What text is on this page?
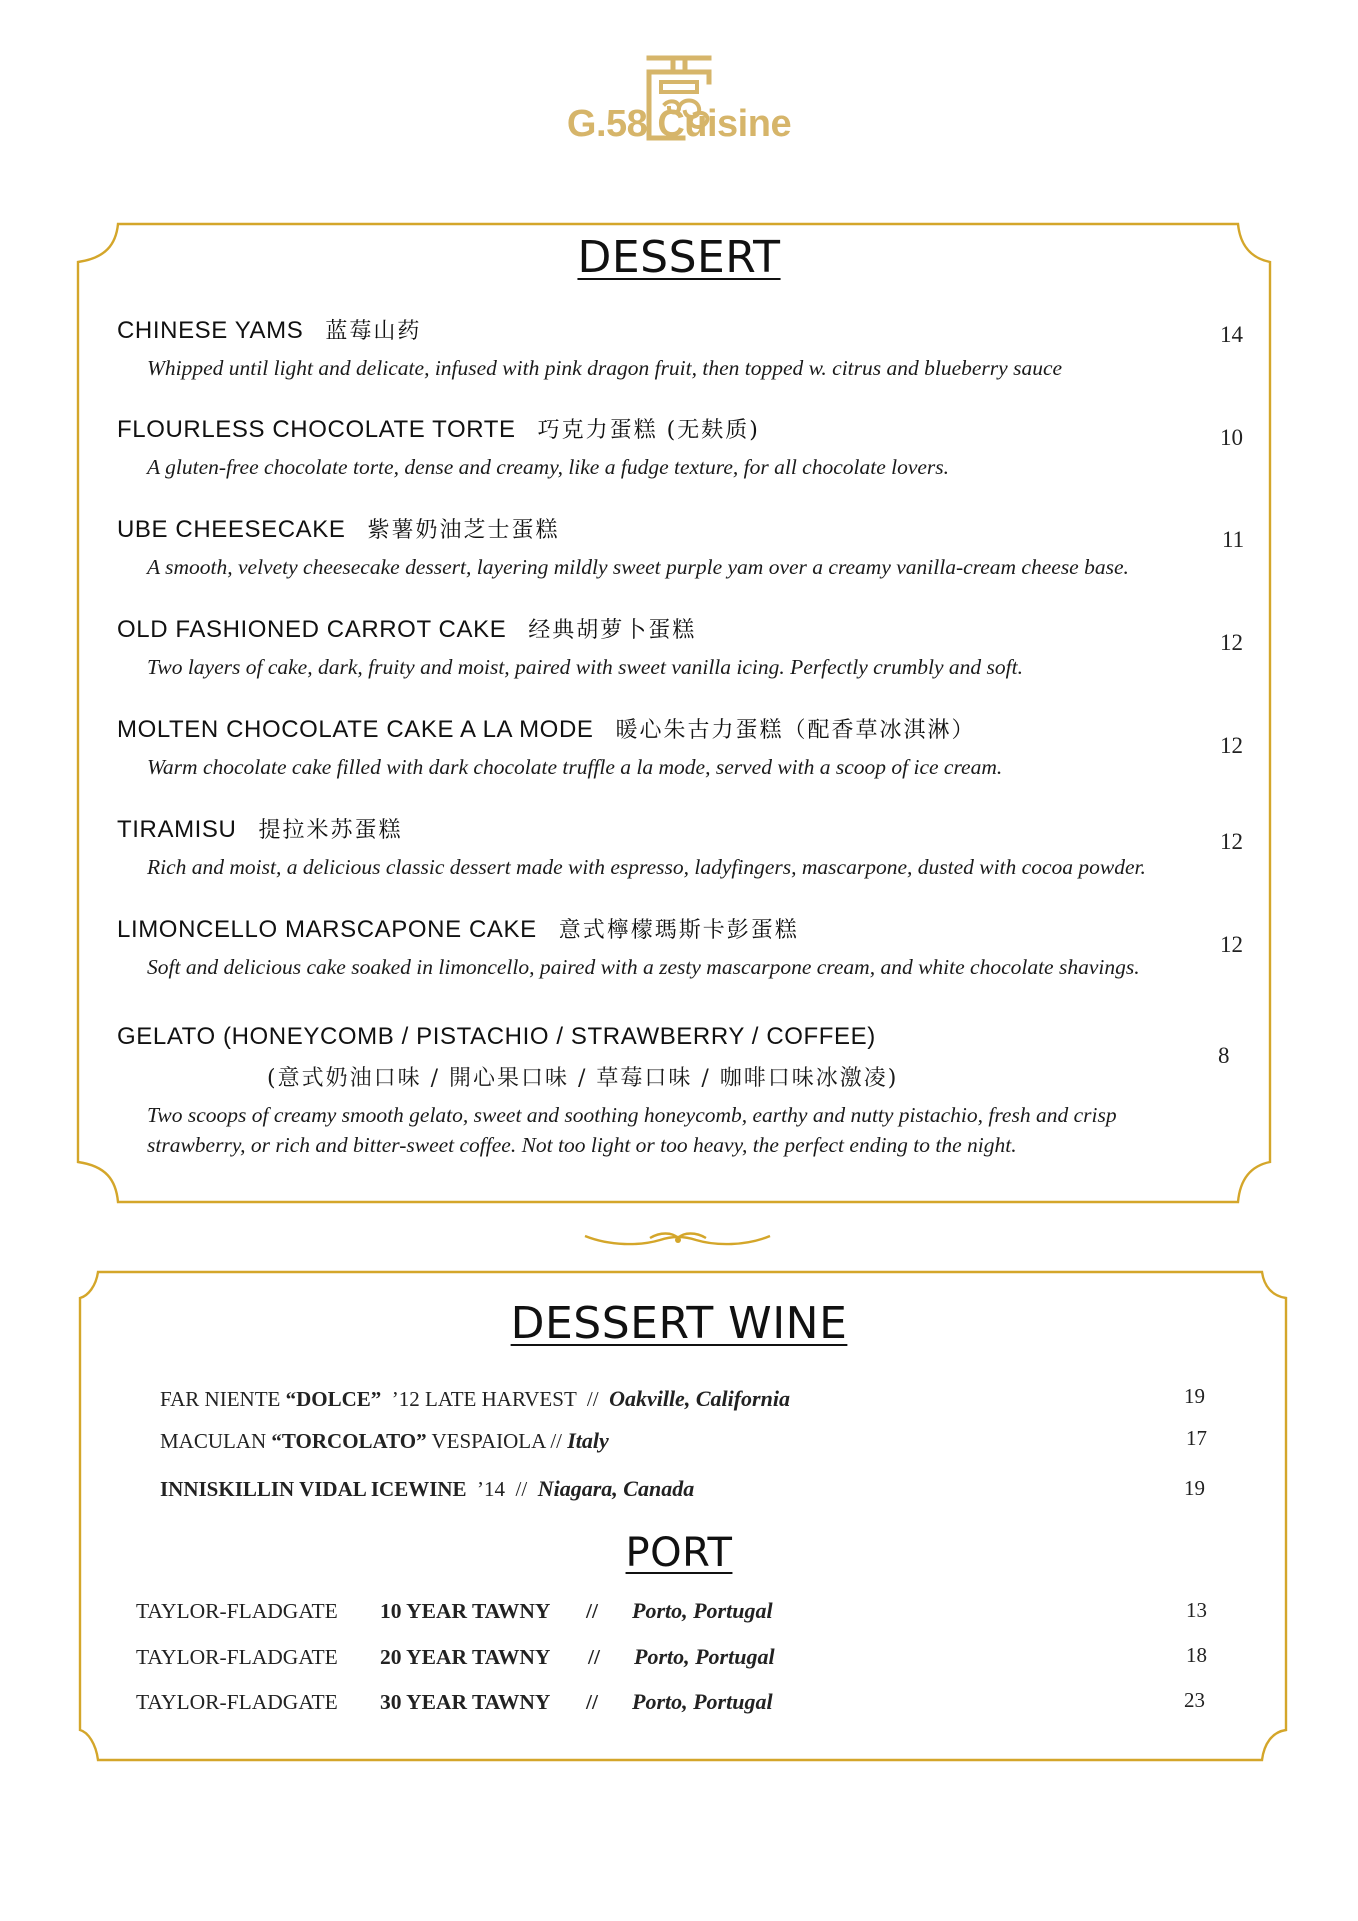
G.58 Cuisine
DESSERT
CHINESE YAMS 蓝莓山药
Whipped until light and delicate, infused with pink dragon fruit, then topped w. citrus and blueberry sauce
14
FLOURLESS CHOCOLATE TORTE 巧克力蛋糕 (无麸质)
A gluten-free chocolate torte, dense and creamy, like a fudge texture, for all chocolate lovers.
10
UBE CHEESECAKE 紫薯奶油芝士蛋糕
A smooth, velvety cheesecake dessert, layering mildly sweet purple yam over a creamy vanilla-cream cheese base.
11
OLD FASHIONED CARROT CAKE 经典胡萝卜蛋糕
Two layers of cake, dark, fruity and moist, paired with sweet vanilla icing. Perfectly crumbly and soft.
12
MOLTEN CHOCOLATE CAKE A LA MODE 暖心朱古力蛋糕（配香草冰淇淋）
Warm chocolate cake filled with dark chocolate truffle a la mode, served with a scoop of ice cream.
12
TIRAMISU 提拉米苏蛋糕
Rich and moist, a delicious classic dessert made with espresso, ladyfingers, mascarpone, dusted with cocoa powder.
12
LIMONCELLO MARSCAPONE CAKE 意式檸檬瑪斯卡彭蛋糕
Soft and delicious cake soaked in limoncello, paired with a zesty mascarpone cream, and white chocolate shavings.
12
GELATO (HONEYCOMB / PISTACHIO / STRAWBERRY / COFFEE)
(意式奶油口味 / 開心果口味 / 草莓口味 / 咖啡口味冰激凌)
Two scoops of creamy smooth gelato, sweet and soothing honeycomb, earthy and nutty pistachio, fresh and crisp strawberry, or rich and bitter-sweet coffee. Not too light or too heavy, the perfect ending to the night.
8
DESSERT WINE
FAR NIENTE “DOLCE”  ’12 LATE HARVEST  //  Oakville, California	19
MACULAN “TORCOLATO” VESPAIOLA // Italy	17
INNISKILLIN VIDAL ICEWINE  ’14  //  Niagara, Canada	19
PORT
TAYLOR-FLADGATE 10 YEAR TAWNY // Porto, Portugal	13
TAYLOR-FLADGATE 20 YEAR TAWNY // Porto, Portugal	18
TAYLOR-FLADGATE 30 YEAR TAWNY // Porto, Portugal	23
